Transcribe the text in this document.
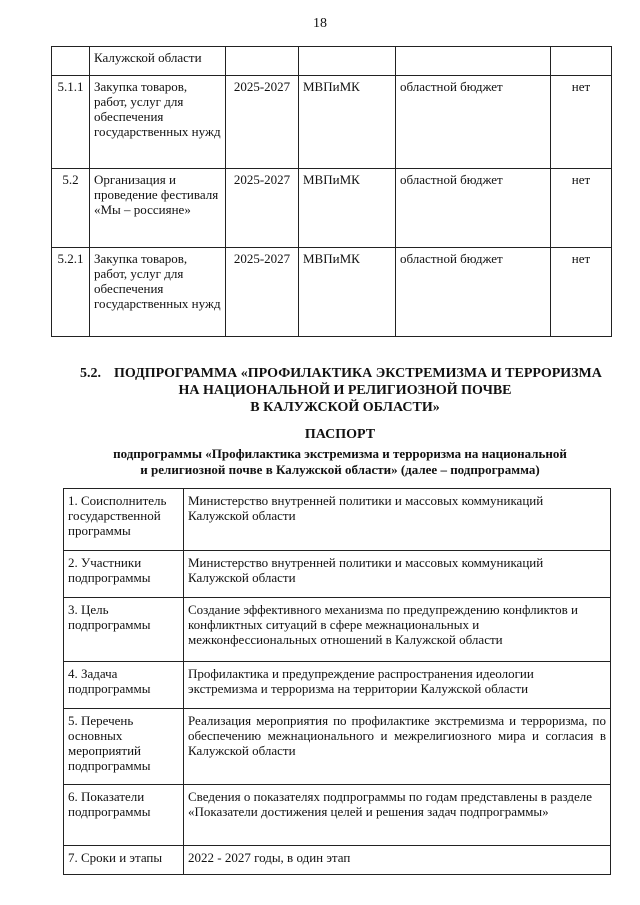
18
	Калужской области				
5.1.1	Закупка товаров, работ, услуг для обеспечения государственных нужд	2025-2027	МВПиМК	областной бюджет	нет
5.2	Организация и проведение фестиваля «Мы – россияне»	2025-2027	МВПиМК	областной бюджет	нет
5.2.1	Закупка товаров, работ, услуг для обеспечения государственных нужд	2025-2027	МВПиМК	областной бюджет	нет
5.2. ПОДПРОГРАММА «ПРОФИЛАКТИКА ЭКСТРЕМИЗМА И ТЕРРОРИЗМА
НА НАЦИОНАЛЬНОЙ И РЕЛИГИОЗНОЙ ПОЧВЕ
В КАЛУЖСКОЙ ОБЛАСТИ»
ПАСПОРТ
подпрограммы «Профилактика экстремизма и терроризма на национальной
и религиозной почве в Калужской области» (далее – подпрограмма)
1. Соисполнитель государственной программы	Министерство внутренней политики и массовых коммуникаций Калужской области
2. Участники подпрограммы	Министерство внутренней политики и массовых коммуникаций Калужской области
3. Цель подпрограммы	Создание эффективного механизма по предупреждению конфликтов и конфликтных ситуаций в сфере межнациональных и межконфессиональных отношений в Калужской области
4. Задача подпрограммы	Профилактика и предупреждение распространения идеологии экстремизма и терроризма на территории Калужской области
5. Перечень основных мероприятий подпрограммы	Реализация мероприятия по профилактике экстремизма и терроризма, по обеспечению межнационального и межрелигиозного мира и согласия в Калужской области
6. Показатели подпрограммы	Сведения о показателях подпрограммы по годам представлены в разделе «Показатели достижения целей и решения задач подпрограммы»
7. Сроки и этапы	2022 - 2027 годы, в один этап
